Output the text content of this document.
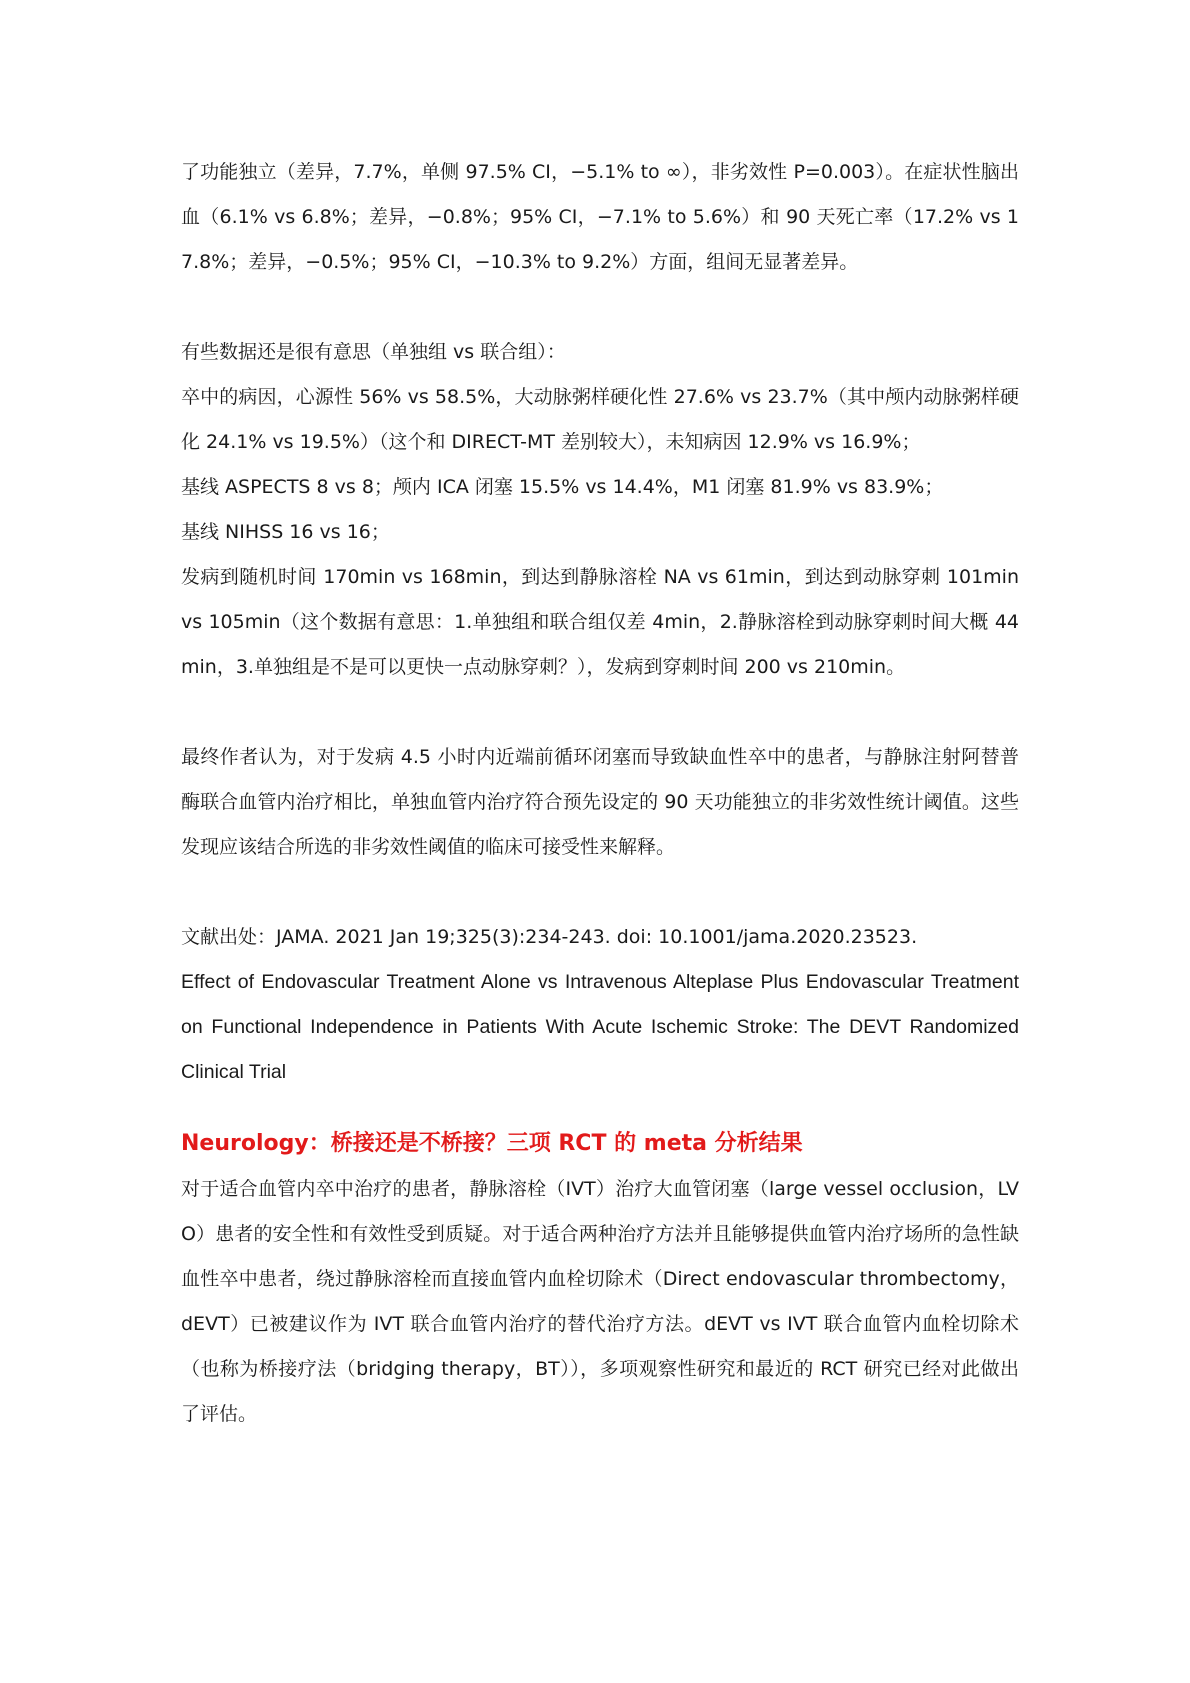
了功能独立（差异，7.7%，单侧 97.5% CI，−5.1% to ∞），非劣效性 P=0.003）。在症状性脑出血（6.1% vs 6.8%；差异，−0.8%；95% CI，−7.1% to 5.6%）和 90 天死亡率（17.2% vs 17.8%；差异，−0.5%；95% CI，−10.3% to 9.2%）方面，组间无显著差异。

有些数据还是很有意思（单独组 vs 联合组）：

卒中的病因，心源性 56% vs 58.5%，大动脉粥样硬化性 27.6% vs 23.7%（其中颅内动脉粥样硬化 24.1% vs 19.5%）（这个和 DIRECT-MT 差别较大），未知病因 12.9% vs 16.9%；

基线 ASPECTS 8 vs 8；颅内 ICA 闭塞 15.5% vs 14.4%，M1 闭塞 81.9% vs 83.9%；

基线 NIHSS 16 vs 16；

发病到随机时间 170min vs 168min，到达到静脉溶栓 NA vs 61min，到达到动脉穿刺 101min vs 105min（这个数据有意思：1.单独组和联合组仅差 4min，2.静脉溶栓到动脉穿刺时间大概 44min，3.单独组是不是可以更快一点动脉穿刺？），发病到穿刺时间 200 vs 210min。

最终作者认为，对于发病 4.5 小时内近端前循环闭塞而导致缺血性卒中的患者，与静脉注射阿替普酶联合血管内治疗相比，单独血管内治疗符合预先设定的 90 天功能独立的非劣效性统计阈值。这些发现应该结合所选的非劣效性阈值的临床可接受性来解释。

文献出处：JAMA. 2021 Jan 19;325(3):234-243. doi: 10.1001/jama.2020.23523.

Effect of Endovascular Treatment Alone vs Intravenous Alteplase Plus Endovascular Treatment on Functional Independence in Patients With Acute Ischemic Stroke: The DEVT Randomized Clinical Trial

Neurology：桥接还是不桥接？三项 RCT 的 meta 分析结果

对于适合血管内卒中治疗的患者，静脉溶栓（IVT）治疗大血管闭塞（large vessel occlusion，LVO）患者的安全性和有效性受到质疑。对于适合两种治疗方法并且能够提供血管内治疗场所的急性缺血性卒中患者，绕过静脉溶栓而直接血管内血栓切除术（Direct endovascular thrombectomy，dEVT）已被建议作为 IVT 联合血管内治疗的替代治疗方法。dEVT vs IVT 联合血管内血栓切除术（也称为桥接疗法（bridging therapy，BT）），多项观察性研究和最近的 RCT 研究已经对此做出了评估。
